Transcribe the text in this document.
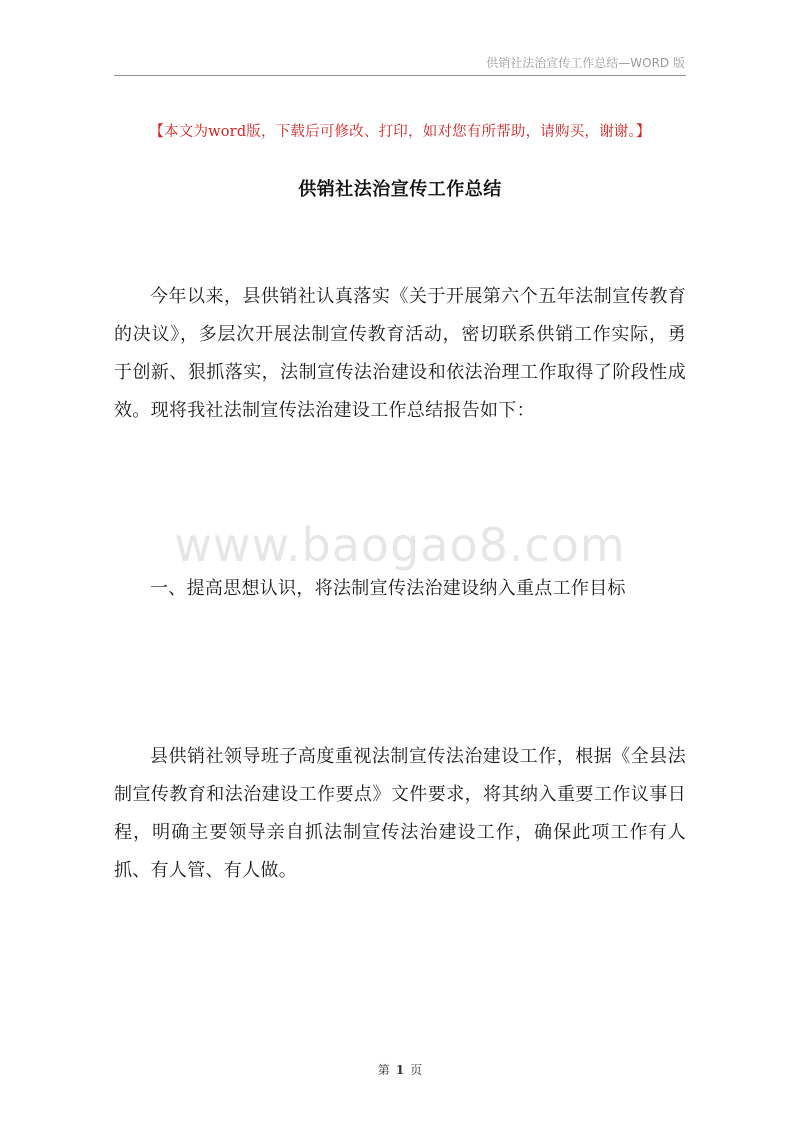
供销社法治宣传工作总结—WORD 版
【本文为word版，下载后可修改、打印，如对您有所帮助，请购买，谢谢。】
供销社法治宣传工作总结
今年以来，县供销社认真落实《关于开展第六个五年法制宣传教育的决议》，多层次开展法制宣传教育活动，密切联系供销工作实际，勇于创新、狠抓落实，法制宣传法治建设和依法治理工作取得了阶段性成效。现将我社法制宣传法治建设工作总结报告如下：
www.baogao8.com
一、提高思想认识，将法制宣传法治建设纳入重点工作目标
县供销社领导班子高度重视法制宣传法治建设工作，根据《全县法制宣传教育和法治建设工作要点》文件要求，将其纳入重要工作议事日程，明确主要领导亲自抓法制宣传法治建设工作，确保此项工作有人抓、有人管、有人做。
第 1 页
